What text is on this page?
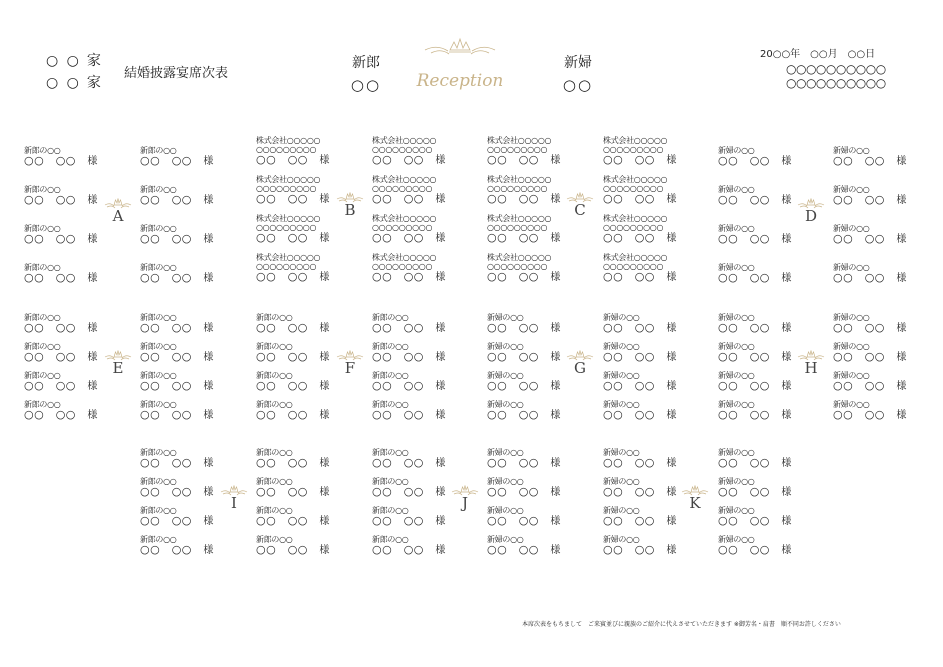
○ ○ 家
○ ○ 家
結婚披露宴席次表
新郎
○○
新婦
○○
Reception
20○○年　○○月　○○日
○○○○○○○○○○
○○○○○○○○○○
新郎の○○
○○　○○　 様
新郎の○○
○○　○○　 様
新郎の○○
○○　○○　 様
新郎の○○
○○　○○　 様
新郎の○○
○○　○○　 様
新郎の○○
○○　○○　 様
新郎の○○
○○　○○　 様
新郎の○○
○○　○○　 様
A
株式会社○○○○○
○○○○○○○○○
○○　○○　 様
株式会社○○○○○
○○○○○○○○○
○○　○○　 様
株式会社○○○○○
○○○○○○○○○
○○　○○　 様
株式会社○○○○○
○○○○○○○○○
○○　○○　 様
株式会社○○○○○
○○○○○○○○○
○○　○○　 様
株式会社○○○○○
○○○○○○○○○
○○　○○　 様
株式会社○○○○○
○○○○○○○○○
○○　○○　 様
株式会社○○○○○
○○○○○○○○○
○○　○○　 様
B
株式会社○○○○○
○○○○○○○○○
○○　○○　 様
株式会社○○○○○
○○○○○○○○○
○○　○○　 様
株式会社○○○○○
○○○○○○○○○
○○　○○　 様
株式会社○○○○○
○○○○○○○○○
○○　○○　 様
株式会社○○○○○
○○○○○○○○○
○○　○○　 様
株式会社○○○○○
○○○○○○○○○
○○　○○　 様
株式会社○○○○○
○○○○○○○○○
○○　○○　 様
株式会社○○○○○
○○○○○○○○○
○○　○○　 様
C
新婦の○○
○○　○○　 様
新婦の○○
○○　○○　 様
新婦の○○
○○　○○　 様
新婦の○○
○○　○○　 様
新婦の○○
○○　○○　 様
新婦の○○
○○　○○　 様
新婦の○○
○○　○○　 様
新婦の○○
○○　○○　 様
D
新郎の○○
○○　○○　 様
新郎の○○
○○　○○　 様
新郎の○○
○○　○○　 様
新郎の○○
○○　○○　 様
新郎の○○
○○　○○　 様
新郎の○○
○○　○○　 様
新郎の○○
○○　○○　 様
新郎の○○
○○　○○　 様
E
新郎の○○
○○　○○　 様
新郎の○○
○○　○○　 様
新郎の○○
○○　○○　 様
新郎の○○
○○　○○　 様
新郎の○○
○○　○○　 様
新郎の○○
○○　○○　 様
新郎の○○
○○　○○　 様
新郎の○○
○○　○○　 様
F
新婦の○○
○○　○○　 様
新婦の○○
○○　○○　 様
新婦の○○
○○　○○　 様
新婦の○○
○○　○○　 様
新婦の○○
○○　○○　 様
新婦の○○
○○　○○　 様
新婦の○○
○○　○○　 様
新婦の○○
○○　○○　 様
G
新婦の○○
○○　○○　 様
新婦の○○
○○　○○　 様
新婦の○○
○○　○○　 様
新婦の○○
○○　○○　 様
新婦の○○
○○　○○　 様
新婦の○○
○○　○○　 様
新婦の○○
○○　○○　 様
新婦の○○
○○　○○　 様
H
新郎の○○
○○　○○　 様
新郎の○○
○○　○○　 様
新郎の○○
○○　○○　 様
新郎の○○
○○　○○　 様
新郎の○○
○○　○○　 様
新郎の○○
○○　○○　 様
新郎の○○
○○　○○　 様
新郎の○○
○○　○○　 様
I
新郎の○○
○○　○○　 様
新郎の○○
○○　○○　 様
新郎の○○
○○　○○　 様
新郎の○○
○○　○○　 様
新婦の○○
○○　○○　 様
新婦の○○
○○　○○　 様
新婦の○○
○○　○○　 様
新婦の○○
○○　○○　 様
J
新婦の○○
○○　○○　 様
新婦の○○
○○　○○　 様
新婦の○○
○○　○○　 様
新婦の○○
○○　○○　 様
新婦の○○
○○　○○　 様
新婦の○○
○○　○○　 様
新婦の○○
○○　○○　 様
新婦の○○
○○　○○　 様
K
本席次表をもちまして　ご来賓並びに親族のご紹介に代えさせていただきます ※御芳名・肩書　順不同お許しください
